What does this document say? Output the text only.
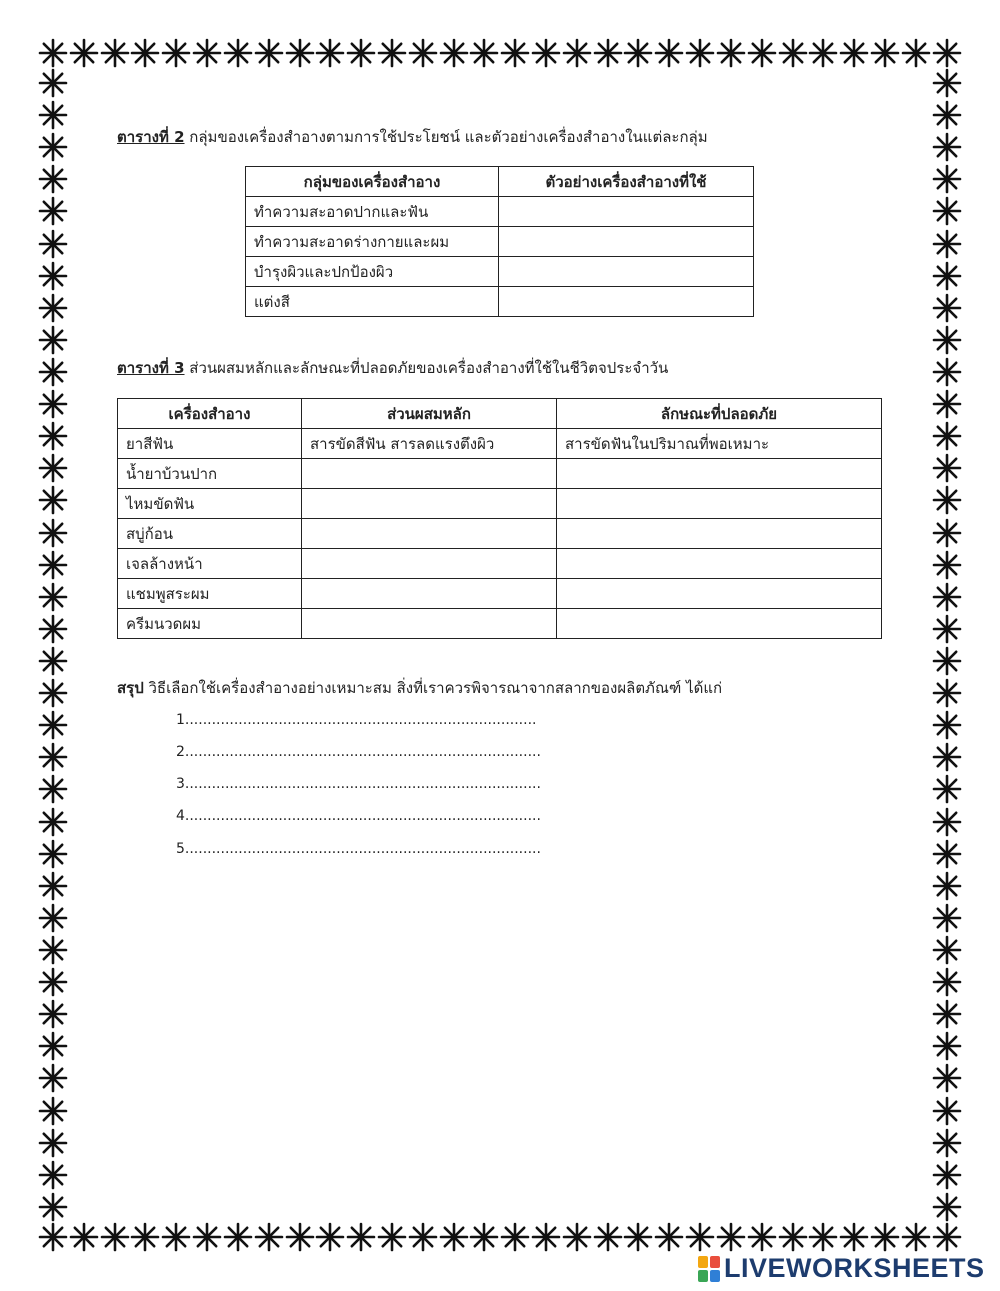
ตารางที่ 2 กลุ่มของเครื่องสำอางตามการใช้ประโยชน์ และตัวอย่างเครื่องสำอางในแต่ละกลุ่ม
กลุ่มของเครื่องสำอาง	ตัวอย่างเครื่องสำอางที่ใช้
ทำความสะอาดปากและฟัน	
ทำความสะอาดร่างกายและผม	
บำรุงผิวและปกป้องผิว	
แต่งสี	
ตารางที่ 3 ส่วนผสมหลักและลักษณะที่ปลอดภัยของเครื่องสำอางที่ใช้ในชีวิตจประจำวัน
เครื่องสำอาง	ส่วนผสมหลัก	ลักษณะที่ปลอดภัย
ยาสีฟัน	สารขัดสีฟัน สารลดแรงตึงผิว	สารขัดฟันในปริมาณที่พอเหมาะ
น้ำยาบ้วนปาก		
ไหมขัดฟัน		
สบู่ก้อน		
เจลล้างหน้า		
แชมพูสระผม		
ครีมนวดผม		
สรุป วิธีเลือกใช้เครื่องสำอางอย่างเหมาะสม สิ่งที่เราควรพิจารณาจากสลากของผลิตภัณฑ์ ได้แก่
1...............................................................................
2................................................................................
3................................................................................
4................................................................................
5................................................................................
LIVEWORKSHEETS
